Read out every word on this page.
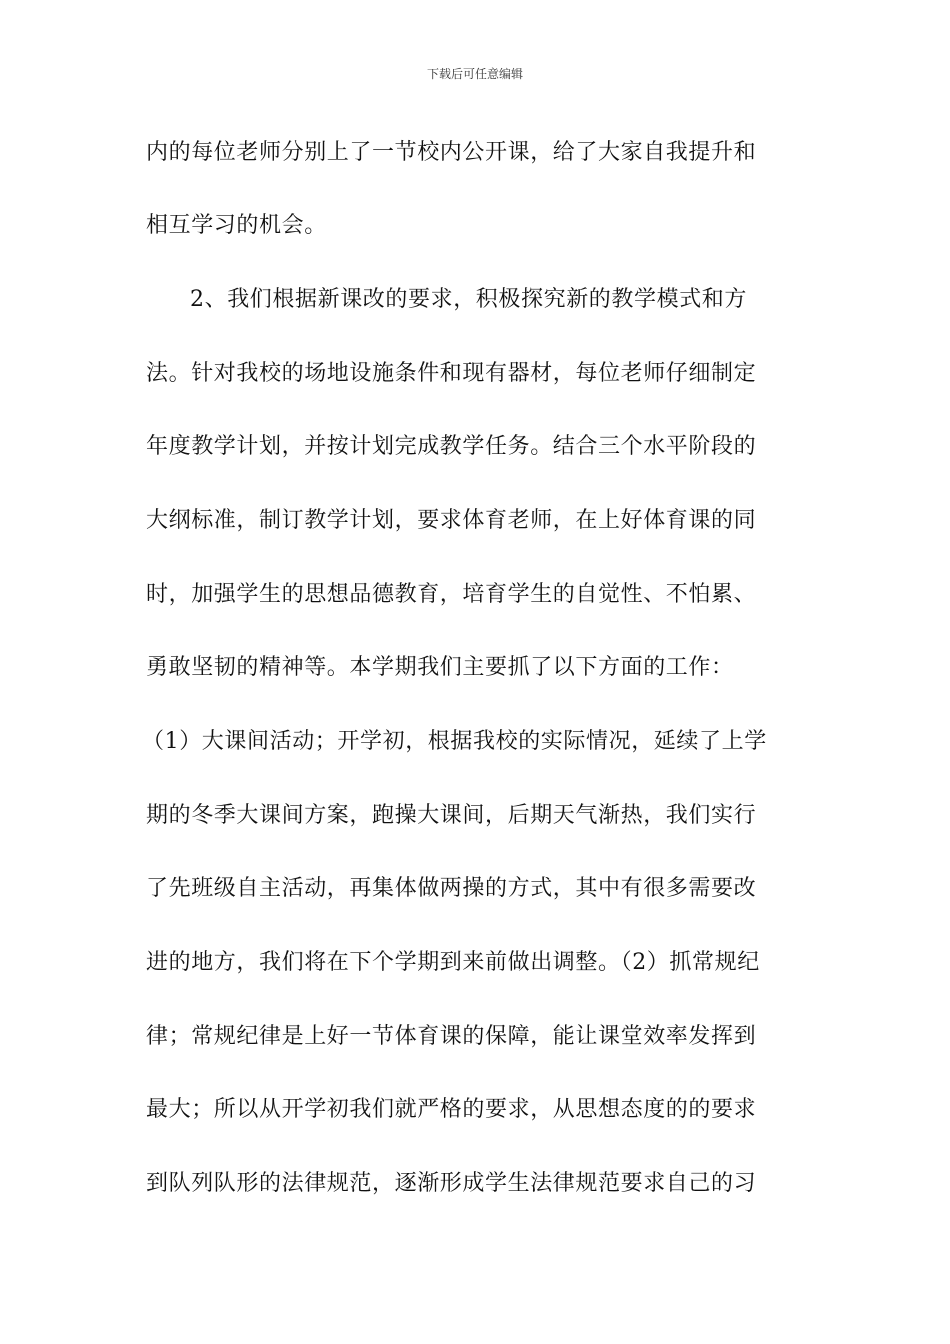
下载后可任意编辑
内的每位老师分别上了一节校内公开课，给了大家自我提升和
相互学习的机会。
2、我们根据新课改的要求，积极探究新的教学模式和方
法。针对我校的场地设施条件和现有器材，每位老师仔细制定
年度教学计划，并按计划完成教学任务。结合三个水平阶段的
大纲标准，制订教学计划，要求体育老师，在上好体育课的同
时，加强学生的思想品德教育，培育学生的自觉性、不怕累、
勇敢坚韧的精神等。本学期我们主要抓了以下方面的工作：
（1）大课间活动；开学初，根据我校的实际情况，延续了上学
期的冬季大课间方案，跑操大课间，后期天气渐热，我们实行
了先班级自主活动，再集体做两操的方式，其中有很多需要改
进的地方，我们将在下个学期到来前做出调整。（2）抓常规纪
律；常规纪律是上好一节体育课的保障，能让课堂效率发挥到
最大；所以从开学初我们就严格的要求，从思想态度的的要求
到队列队形的法律规范，逐渐形成学生法律规范要求自己的习
